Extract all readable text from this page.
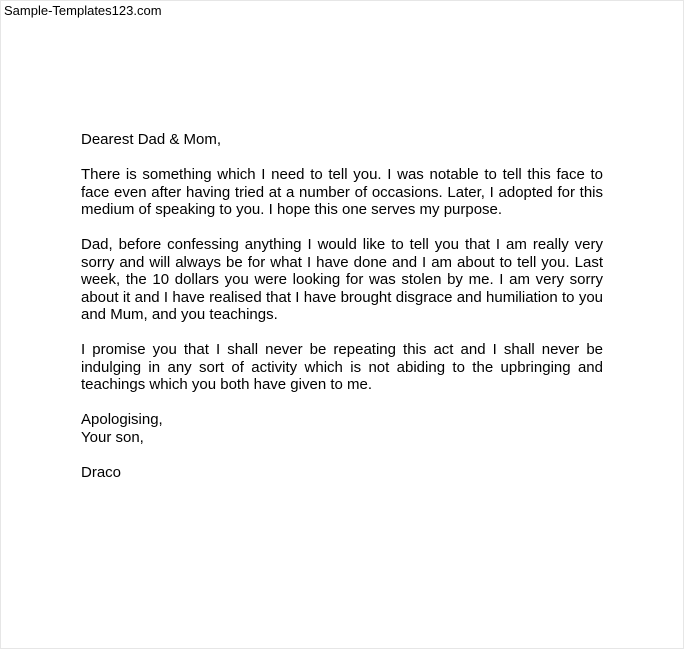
Sample-Templates123.com

Dearest Dad & Mom,

There is something which I need to tell you. I was notable to tell this face to face even after having tried at a number of occasions. Later, I adopted for this medium of speaking to you. I hope this one serves my purpose.

Dad, before confessing anything I would like to tell you that I am really very sorry and will always be for what I have done and I am about to tell you. Last week, the 10 dollars you were looking for was stolen by me. I am very sorry about it and I have realised that I have brought disgrace and humiliation to you and Mum, and you teachings.

I promise you that I shall never be repeating this act and I shall never be indulging in any sort of activity which is not abiding to the upbringing and teachings which you both have given to me.

Apologising,
Your son,

Draco
